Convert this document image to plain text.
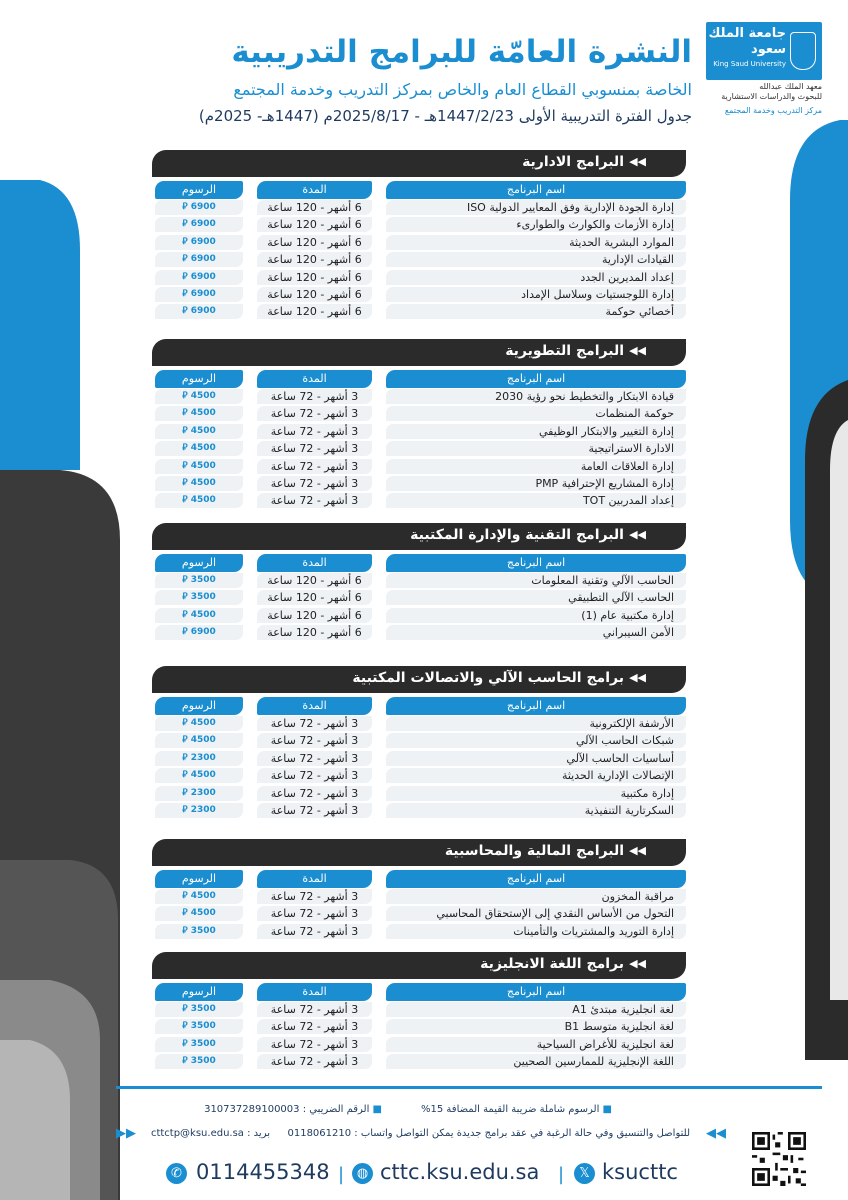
جامعة الملك سعود
King Saud University
معهد الملك عبدالله
للبحوث والدراسات الاستشارية
مركز التدريب وخدمة المجتمع
النشرة العامّة للبرامج التدريبية
الخاصة بمنسوبي القطاع العام والخاص بمركز التدريب وخدمة المجتمع
جدول الفترة التدريبية الأولى 1447/2/23هـ - 2025/8/17م (1447هـ- 2025م)
◀◀
البرامج الادارية
اسم البرنامج
المدة
الرسوم
إدارة الجودة الإدارية وفق المعايير الدولية ISO
6 أشهر - 120 ساعة
⃁ 6900
إدارة الأزمات والكوارث والطوارىء
6 أشهر - 120 ساعة
⃁ 6900
الموارد البشرية الحديثة
6 أشهر - 120 ساعة
⃁ 6900
القيادات الإدارية
6 أشهر - 120 ساعة
⃁ 6900
إعداد المديرين الجدد
6 أشهر - 120 ساعة
⃁ 6900
إدارة اللوجستيات وسلاسل الإمداد
6 أشهر - 120 ساعة
⃁ 6900
أخصائي حوكمة
6 أشهر - 120 ساعة
⃁ 6900
◀◀
البرامج التطويرية
اسم البرنامج
المدة
الرسوم
قيادة الابتكار والتخطيط نحو رؤية 2030
3 أشهر - 72 ساعة
⃁ 4500
حوكمة المنظمات
3 أشهر - 72 ساعة
⃁ 4500
إدارة التغيير والابتكار الوظيفي
3 أشهر - 72 ساعة
⃁ 4500
الادارة الاستراتيجية
3 أشهر - 72 ساعة
⃁ 4500
إدارة العلاقات العامة
3 أشهر - 72 ساعة
⃁ 4500
إدارة المشاريع الإحترافية PMP
3 أشهر - 72 ساعة
⃁ 4500
إعداد المدربين TOT
3 أشهر - 72 ساعة
⃁ 4500
◀◀
البرامج التقنية والإدارة المكتبية
اسم البرنامج
المدة
الرسوم
الحاسب الآلي وتقنية المعلومات
6 أشهر - 120 ساعة
⃁ 3500
الحاسب الآلي التطبيقي
6 أشهر - 120 ساعة
⃁ 3500
إدارة مكتبية عام (1)
6 أشهر - 120 ساعة
⃁ 4500
الأمن السيبراني
6 أشهر - 120 ساعة
⃁ 6900
◀◀
برامج الحاسب الآلي والاتصالات المكتبية
اسم البرنامج
المدة
الرسوم
الأرشفة الإلكترونية
3 أشهر - 72 ساعة
⃁ 4500
شبكات الحاسب الآلي
3 أشهر - 72 ساعة
⃁ 4500
أساسيات الحاسب الآلي
3 أشهر - 72 ساعة
⃁ 2300
الإتصالات الإدارية الحديثة
3 أشهر - 72 ساعة
⃁ 4500
إدارة مكتبية
3 أشهر - 72 ساعة
⃁ 2300
السكرتارية التنفيذية
3 أشهر - 72 ساعة
⃁ 2300
◀◀
البرامج المالية والمحاسبية
اسم البرنامج
المدة
الرسوم
مراقبة المخزون
3 أشهر - 72 ساعة
⃁ 4500
التحول من الأساس النقدي إلى الإستحقاق المحاسبي
3 أشهر - 72 ساعة
⃁ 4500
إدارة التوريد والمشتريات والتأمينات
3 أشهر - 72 ساعة
⃁ 3500
◀◀
برامج اللغة الانجليزية
اسم البرنامج
المدة
الرسوم
لغة انجليزية مبتدئ A1
3 أشهر - 72 ساعة
⃁ 3500
لغة انجليزية متوسط B1
3 أشهر - 72 ساعة
⃁ 3500
لغة انجليزية للأغراض السياحية
3 أشهر - 72 ساعة
⃁ 3500
اللغة الإنجليزية للممارسين الصحيين
3 أشهر - 72 ساعة
⃁ 3500
■ الرسوم شاملة ضريبة القيمة المضافة 15%
■ الرقم الضريبي : 310737289100003
◀◀
للتواصل والتنسيق وفي حالة الرغبة في عقد برامج جديدة يمكن التواصل واتساب : 0118061210
بريد : cttctp@ksu.edu.sa
▶▶
✆ 0114455348 | ◍ cttc.ksu.edu.sa |	𝕏 ksucttc
